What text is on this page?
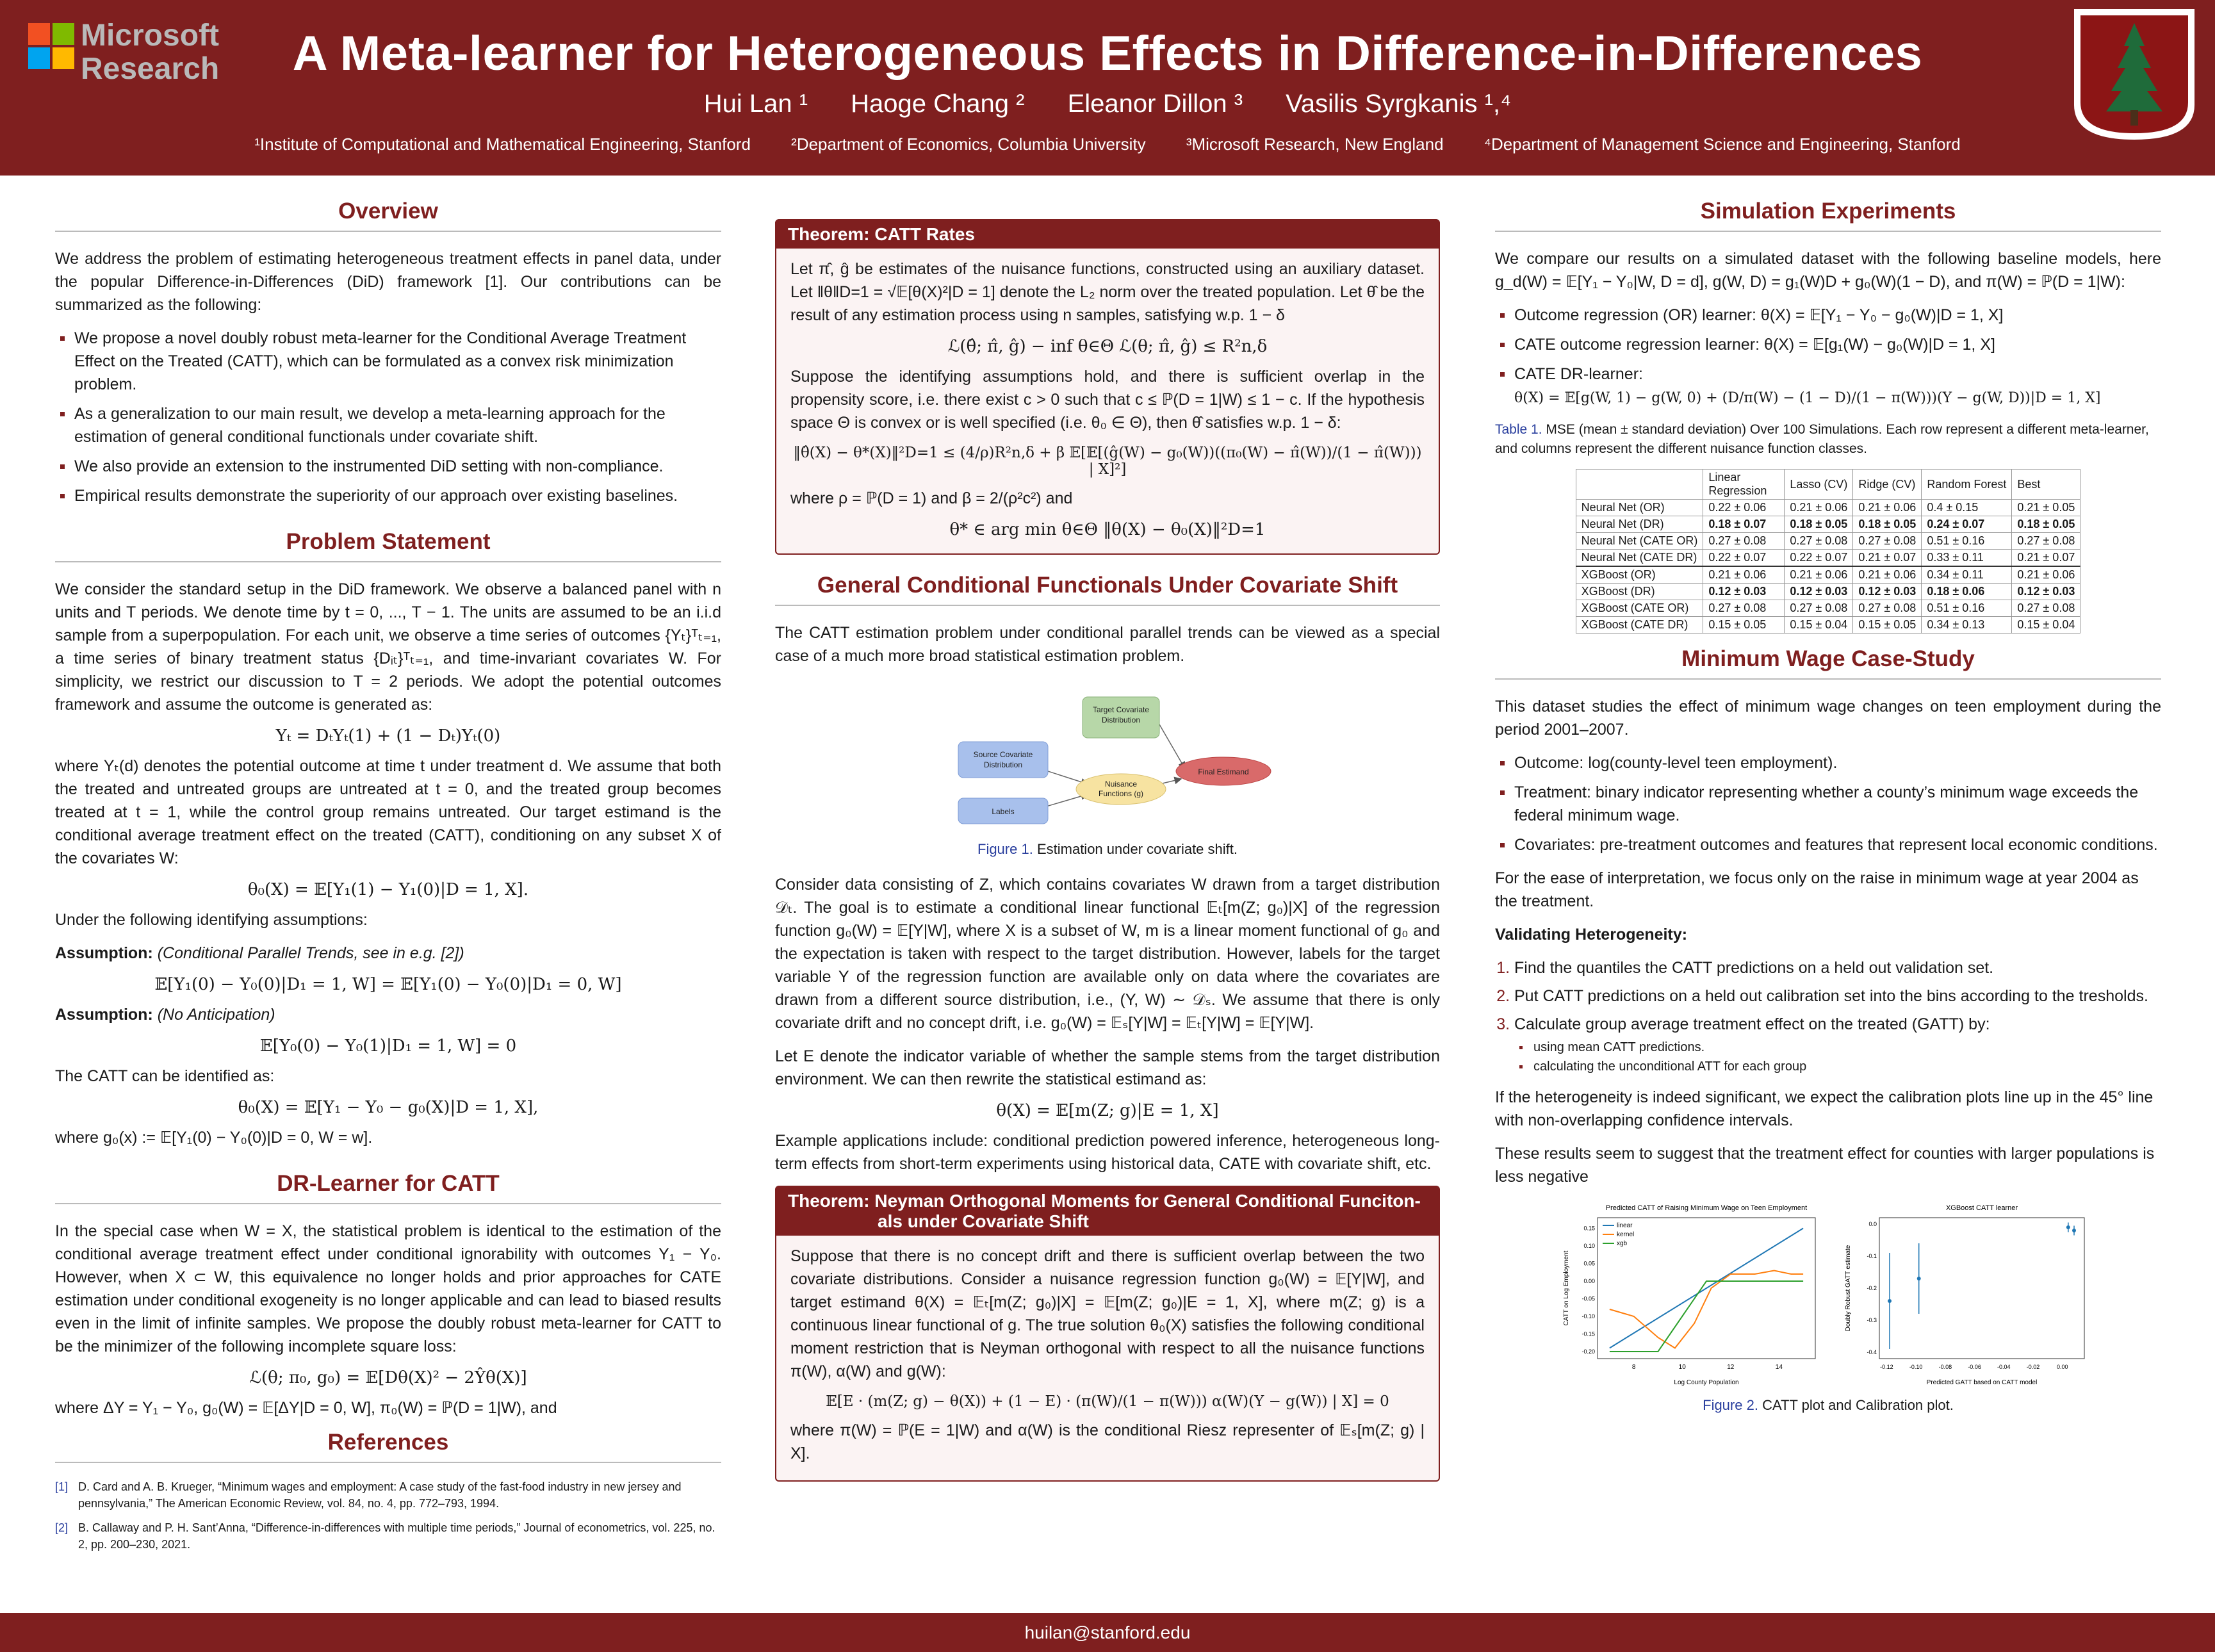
Microsoft
Research	A Meta-learner for Heterogeneous Effects in Difference-in-Differences
Hui Lan ¹ Haoge Chang ² Eleanor Dillon ³ Vasilis Syrgkanis ¹,⁴
¹Institute of Computational and Mathematical Engineering, Stanford ²Department of Economics, Columbia University ³Microsoft Research, New England ⁴Department of Management Science and Engineering, Stanford
Overview

We address the problem of estimating heterogeneous treatment effects in panel data, under the popular Difference-in-Differences (DiD) framework [1]. Our contributions can be summarized as the following:

We propose a novel doubly robust meta-learner for the Conditional Average Treatment Effect on the Treated (CATT), which can be formulated as a convex risk minimization problem.
As a generalization to our main result, we develop a meta-learning approach for the estimation of general conditional functionals under covariate shift.
We also provide an extension to the instrumented DiD setting with non-compliance.
Empirical results demonstrate the superiority of our approach over existing baselines.
Problem Statement

We consider the standard setup in the DiD framework. We observe a balanced panel with n units and T periods. We denote time by t = 0, ..., T − 1. The units are assumed to be an i.i.d sample from a superpopulation. For each unit, we observe a time series of outcomes {Yₜ}ᵀₜ₌₁, a time series of binary treatment status {Dᵢₜ}ᵀₜ₌₁, and time-invariant covariates W. For simplicity, we restrict our discussion to T = 2 periods. We adopt the potential outcomes framework and assume the outcome is generated as:

Yₜ = DₜYₜ(1) + (1 − Dₜ)Yₜ(0)

where Yₜ(d) denotes the potential outcome at time t under treatment d. We assume that both the treated and untreated groups are untreated at t = 0, and the treated group becomes treated at t = 1, while the control group remains untreated. Our target estimand is the conditional average treatment effect on the treated (CATT), conditioning on any subset X of the covariates W:

θ₀(X) = 𝔼[Y₁(1) − Y₁(0)|D = 1, X].

Under the following identifying assumptions:

Assumption: (Conditional Parallel Trends, see in e.g. [2])

𝔼[Y₁(0) − Y₀(0)|D₁ = 1, W] = 𝔼[Y₁(0) − Y₀(0)|D₁ = 0, W]

Assumption: (No Anticipation)

𝔼[Y₀(0) − Y₀(1)|D₁ = 1, W] = 0

The CATT can be identified as:

θ₀(X) = 𝔼[Y₁ − Y₀ − g₀(X)|D = 1, X],

where g₀(x) := 𝔼[Y₁(0) − Y₀(0)|D = 0, W = w].

DR-Learner for CATT

In the special case when W = X, the statistical problem is identical to the estimation of the conditional average treatment effect under conditional ignorability with outcomes Y₁ − Y₀. However, when X ⊂ W, this equivalence no longer holds and prior approaches for CATE estimation under conditional exogeneity is no longer applicable and can lead to biased results even in the limit of infinite samples. We propose the doubly robust meta-learner for CATT to be the minimizer of the following incomplete square loss:

ℒ(θ; π₀, g₀) = 𝔼[Dθ(X)² − 2Ŷθ(X)]

where ΔY = Y₁ − Y₀, g₀(W) = 𝔼[ΔY|D = 0, W], π₀(W) = ℙ(D = 1|W), and

References
[1] D. Card and A. B. Krueger, “Minimum wages and employment: A case study of the fast-food industry in new jersey and pennsylvania,” The American Economic Review, vol. 84, no. 4, pp. 772–793, 1994.
[2] B. Callaway and P. H. Sant’Anna, “Difference-in-differences with multiple time periods,” Journal of econometrics, vol. 225, no. 2, pp. 200–230, 2021.
Theorem: CATT Rates

Let π̂, ĝ be estimates of the nuisance functions, constructed using an auxiliary dataset. Let ‖θ‖D=1 = √𝔼[θ(X)²|D = 1] denote the L₂ norm over the treated population. Let θ̂ be the result of any estimation process using n samples, satisfying w.p. 1 − δ

ℒ(θ̂; π̂, ĝ) − inf θ∈Θ ℒ(θ; π̂, ĝ) ≤ R²n,δ

Suppose the identifying assumptions hold, and there is sufficient overlap in the propensity score, i.e. there exist c > 0 such that c ≤ ℙ(D = 1|W) ≤ 1 − c. If the hypothesis space Θ is convex or is well specified (i.e. θ₀ ∈ Θ), then θ̂ satisfies w.p. 1 − δ:

‖θ̂(X) − θ*(X)‖²D=1 ≤ (4/ρ)R²n,δ + β 𝔼[𝔼[(ĝ(W) − g₀(W))((π₀(W) − π̂(W))/(1 − π̂(W))) | X]²]

where ρ = ℙ(D = 1) and β = 2/(ρ²c²) and

θ* ∈ arg min θ∈Θ ‖θ(X) − θ₀(X)‖²D=1
General Conditional Functionals Under Covariate Shift

The CATT estimation problem under conditional parallel trends can be viewed as a special case of a much more broad statistical estimation problem.

Target Covariate Distribution
Source Covariate Distribution
Labels
Nuisance Functions (g)
Final Estimand
Figure 1. Estimation under covariate shift.

Consider data consisting of Z, which contains covariates W drawn from a target distribution 𝒟ₜ. The goal is to estimate a conditional linear functional 𝔼ₜ[m(Z; g₀)|X] of the regression function g₀(W) = 𝔼[Y|W], where X is a subset of W, m is a linear moment functional of g₀ and the expectation is taken with respect to the target distribution. However, labels for the target variable Y of the regression function are available only on data where the covariates are drawn from a different source distribution, i.e., (Y, W) ∼ 𝒟ₛ. We assume that there is only covariate drift and no concept drift, i.e. g₀(W) = 𝔼ₛ[Y|W] = 𝔼ₜ[Y|W] = 𝔼[Y|W].

Let E denote the indicator variable of whether the sample stems from the target distribution environment. We can then rewrite the statistical estimand as:

θ(X) = 𝔼[m(Z; g)|E = 1, X]

Example applications include: conditional prediction powered inference, heterogeneous long-term effects from short-term experiments using historical data, CATE with covariate shift, etc.

Theorem: Neyman Orthogonal Moments for General Conditional Funciton-
als under Covariate Shift

Suppose that there is no concept drift and there is sufficient overlap between the two covariate distributions. Consider a nuisance regression function g₀(W) = 𝔼[Y|W], and target estimand θ(X) = 𝔼ₜ[m(Z; g₀)|X] = 𝔼[m(Z; g₀)|E = 1, X], where m(Z; g) is a continuous linear functional of g. The true solution θ₀(X) satisfies the following conditional moment restriction that is Neyman orthogonal with respect to all the nuisance functions π(W), α(W) and g(W):

𝔼[E · (m(Z; g) − θ(X)) + (1 − E) · (π(W)/(1 − π(W))) α(W)(Y − g(W)) | X] = 0

where π(W) = ℙ(E = 1|W) and α(W) is the conditional Riesz representer of 𝔼ₛ[m(Z; g) | X].

Simulation Experiments

We compare our results on a simulated dataset with the following baseline models, here g_d(W) = 𝔼[Y₁ − Y₀|W, D = d], g(W, D) = g₁(W)D + g₀(W)(1 − D), and π(W) = ℙ(D = 1|W):

Outcome regression (OR) learner: θ(X) = 𝔼[Y₁ − Y₀ − g₀(W)|D = 1, X]
CATE outcome regression learner: θ(X) = 𝔼[g₁(W) − g₀(W)|D = 1, X]
CATE DR-learner:
θ(X) = 𝔼[g(W, 1) − g(W, 0) + (D/π(W) − (1 − D)/(1 − π(W)))(Y − g(W, D))|D = 1, X]

Table 1. MSE (mean ± standard deviation) Over 100 Simulations. Each row represent a different meta-learner, and columns represent the different nuisance function classes.

	Linear Regression	Lasso (CV)	Ridge (CV)	Random Forest	Best
Neural Net (OR)	0.22 ± 0.06	0.21 ± 0.06	0.21 ± 0.06	0.4 ± 0.15	0.21 ± 0.05
Neural Net (DR)	0.18 ± 0.07	0.18 ± 0.05	0.18 ± 0.05	0.24 ± 0.07	0.18 ± 0.05
Neural Net (CATE OR)	0.27 ± 0.08	0.27 ± 0.08	0.27 ± 0.08	0.51 ± 0.16	0.27 ± 0.08
Neural Net (CATE DR)	0.22 ± 0.07	0.22 ± 0.07	0.21 ± 0.07	0.33 ± 0.11	0.21 ± 0.07
XGBoost (OR)	0.21 ± 0.06	0.21 ± 0.06	0.21 ± 0.06	0.34 ± 0.11	0.21 ± 0.06
XGBoost (DR)	0.12 ± 0.03	0.12 ± 0.03	0.12 ± 0.03	0.18 ± 0.06	0.12 ± 0.03
XGBoost (CATE OR)	0.27 ± 0.08	0.27 ± 0.08	0.27 ± 0.08	0.51 ± 0.16	0.27 ± 0.08
XGBoost (CATE DR)	0.15 ± 0.05	0.15 ± 0.04	0.15 ± 0.05	0.34 ± 0.13	0.15 ± 0.04
Minimum Wage Case-Study

This dataset studies the effect of minimum wage changes on teen employment during the period 2001–2007.

Outcome: log(county-level teen employment).
Treatment: binary indicator representing whether a county’s minimum wage exceeds the federal minimum wage.
Covariates: pre-treatment outcomes and features that represent local economic conditions.

For the ease of interpretation, we focus only on the raise in minimum wage at year 2004 as the treatment.

Validating Heterogeneity:

1. Find the quantiles the CATT predictions on a held out validation set.
2. Put CATT predictions on a held out calibration set into the bins according to the tresholds.
3. Calculate group average treatment effect on the treated (GATT) by:
using mean CATT predictions.
calculating the unconditional ATT for each group

If the heterogeneity is indeed significant, we expect the calibration plots line up in the 45° line with non-overlapping confidence intervals.

These results seem to suggest that the treatment effect for counties with larger populations is less negative

Predicted CATT of Raising Minimum Wage on Teen Employment
Log County Population
CATT on Log Employment
8	10	12	14
-0.20
-0.15
-0.10
-0.05
0.00
0.05
0.10
0.15	linear
kernel
xgb
XGBoost CATT learner
Predicted GATT based on CATT model
Doubly Robust GATT estimate
-0.12	-0.10	-0.08	-0.06	-0.04	-0.02	0.00
-0.4
-0.3
-0.2
-0.1
0.0
Figure 2. CATT plot and Calibration plot.
huilan@stanford.edu
